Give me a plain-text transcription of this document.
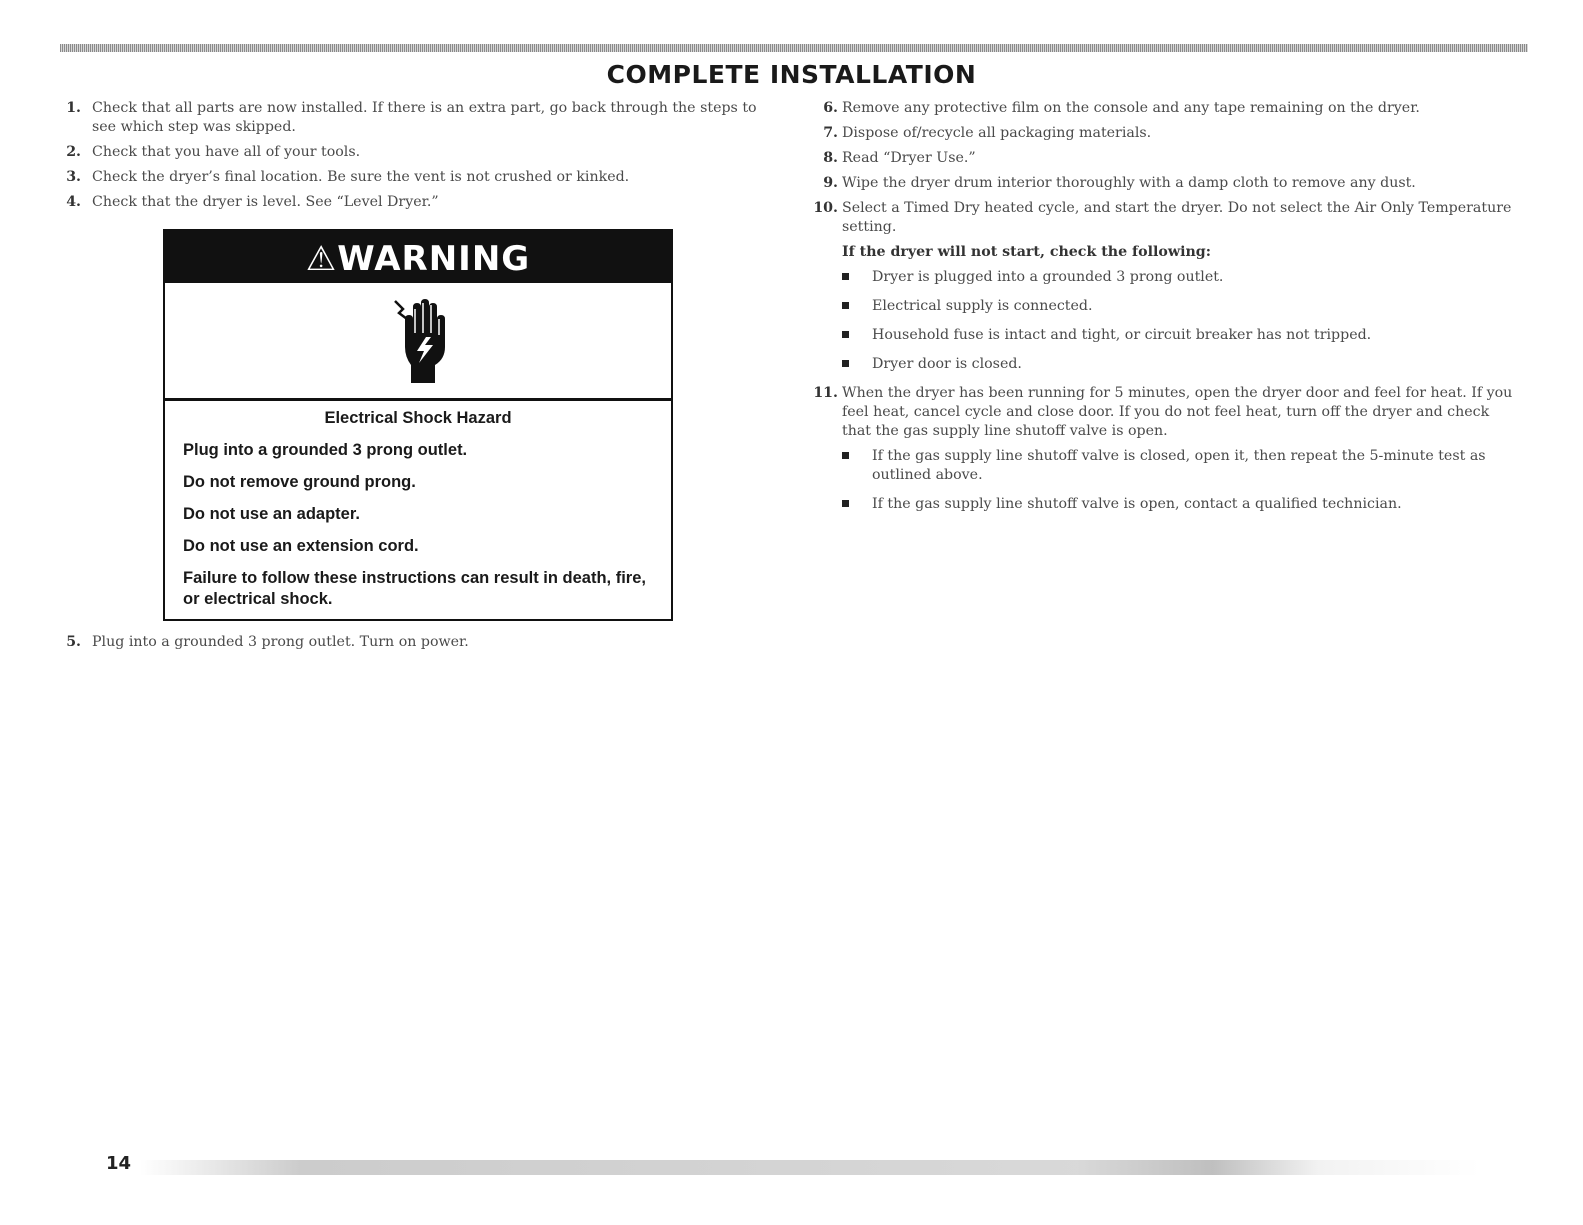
COMPLETE INSTALLATION
1. Check that all parts are now installed. If there is an extra part, go back through the steps to see which step was skipped.
2. Check that you have all of your tools.
3. Check the dryer’s final location. Be sure the vent is not crushed or kinked.
4. Check that the dryer is level. See “Level Dryer.”
⚠WARNING

Electrical Shock Hazard

Plug into a grounded 3 prong outlet.

Do not remove ground prong.

Do not use an adapter.

Do not use an extension cord.

Failure to follow these instructions can result in death, fire, or electrical shock.

5. Plug into a grounded 3 prong outlet. Turn on power.
6. Remove any protective film on the console and any tape remaining on the dryer.
7. Dispose of/recycle all packaging materials.
8. Read “Dryer Use.”
9. Wipe the dryer drum interior thoroughly with a damp cloth to remove any dust.
10. Select a Timed Dry heated cycle, and start the dryer. Do not select the Air Only Temperature setting.
If the dryer will not start, check the following:
Dryer is plugged into a grounded 3 prong outlet.
Electrical supply is connected.
Household fuse is intact and tight, or circuit breaker has not tripped.
Dryer door is closed.
11. When the dryer has been running for 5 minutes, open the dryer door and feel for heat. If you feel heat, cancel cycle and close door. If you do not feel heat, turn off the dryer and check that the gas supply line shutoff valve is open.
If the gas supply line shutoff valve is closed, open it, then repeat the 5-minute test as outlined above.
If the gas supply line shutoff valve is open, contact a qualified technician.
14
